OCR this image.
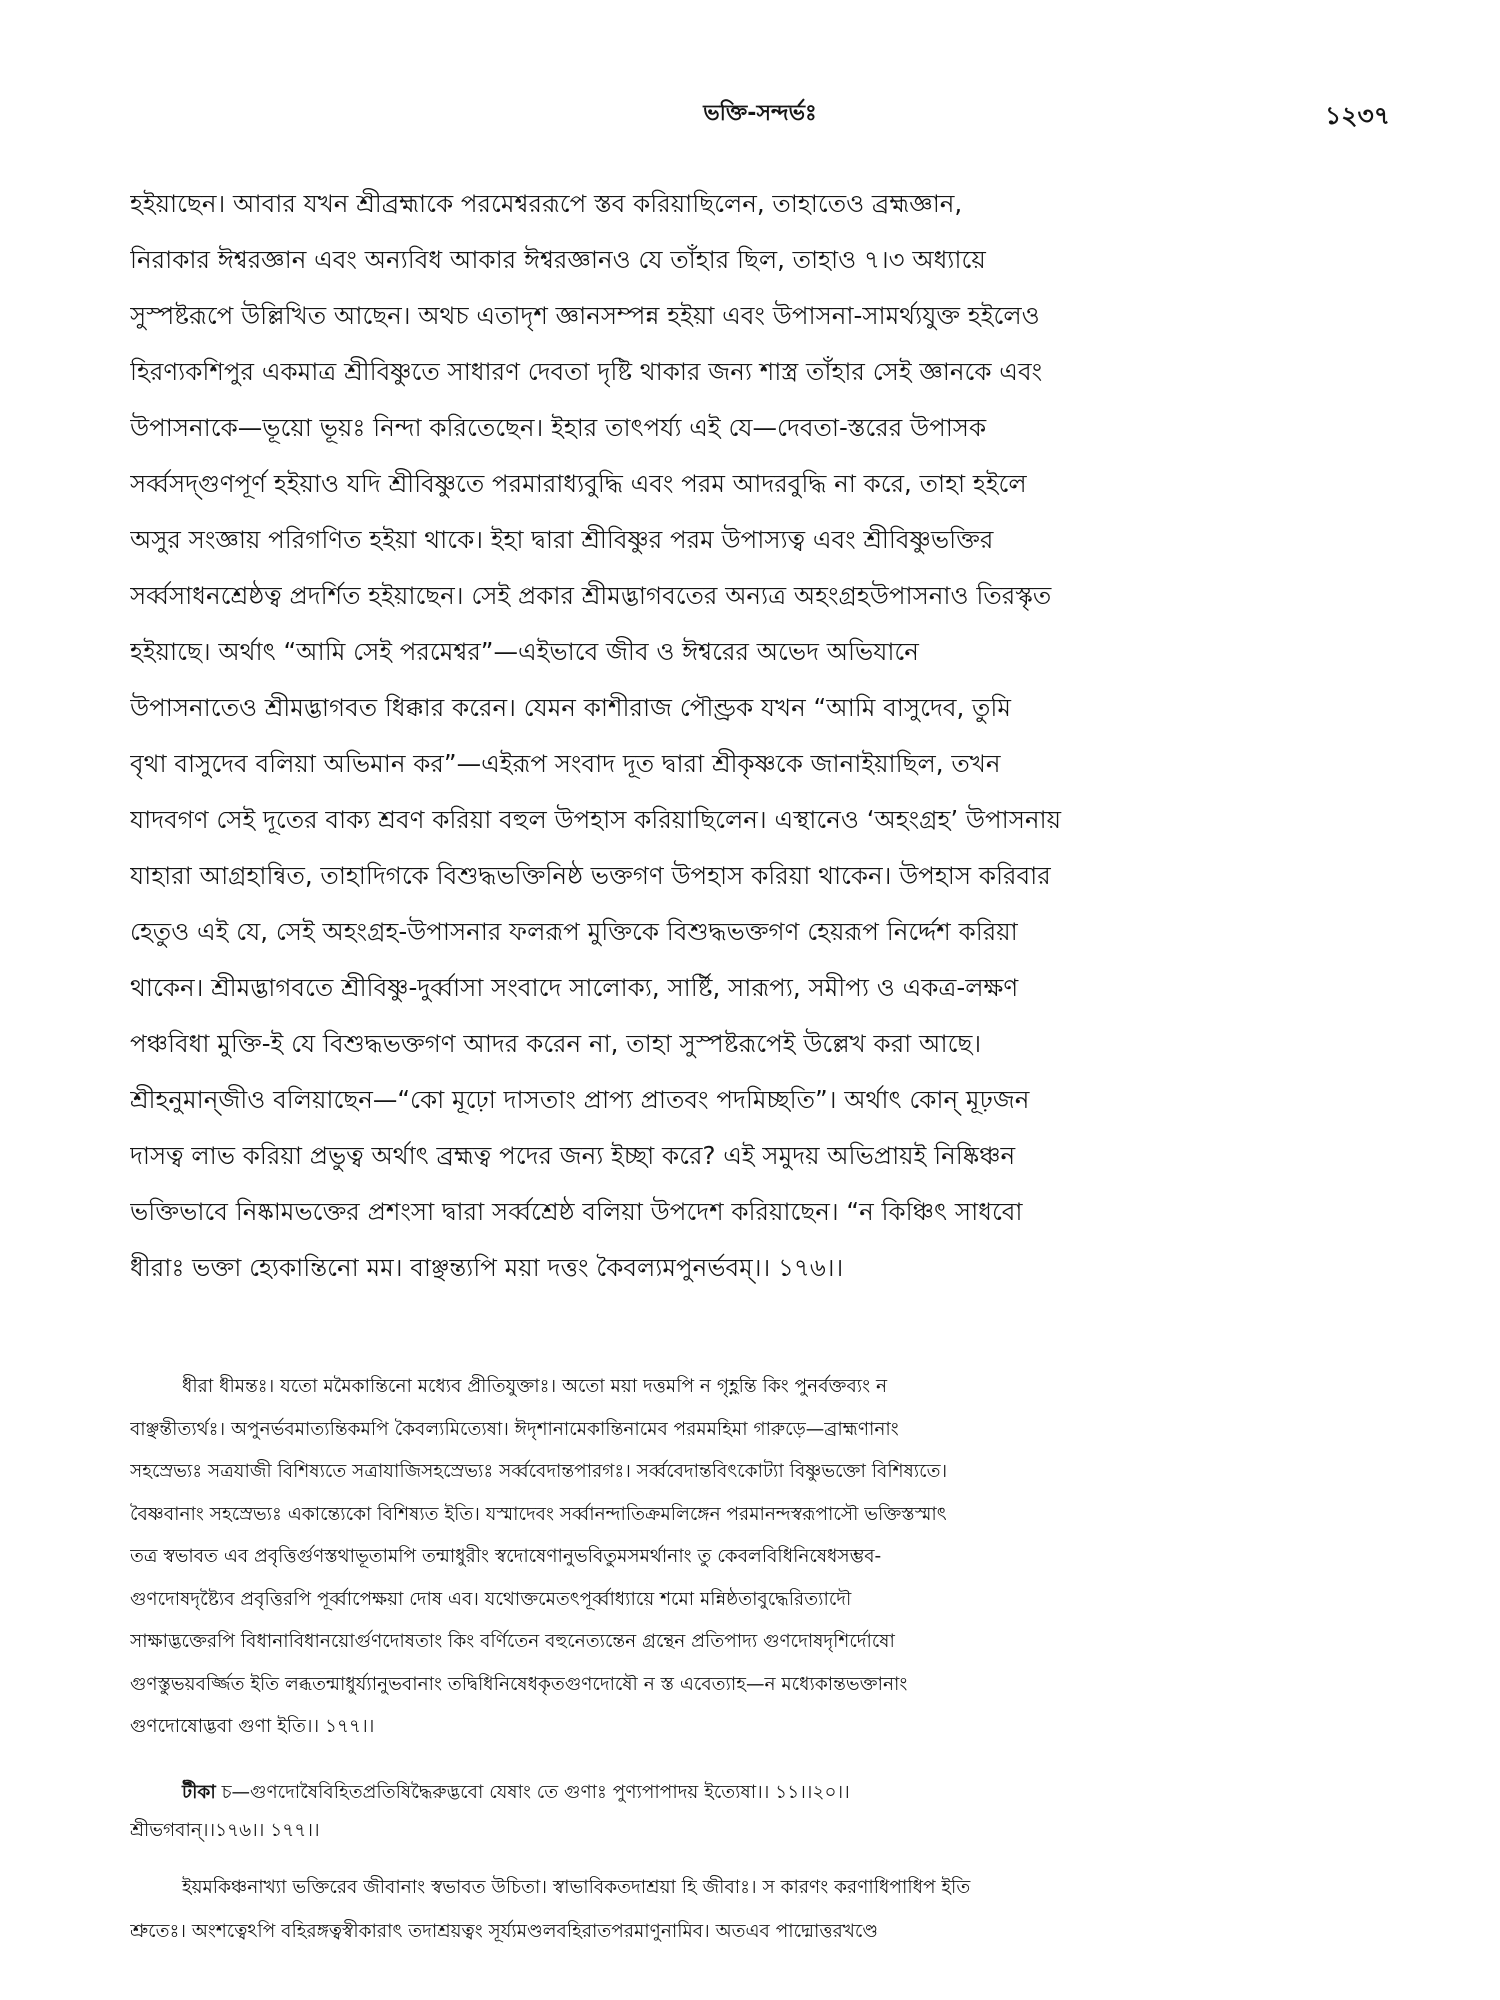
ভক্তি-সন্দর্ভঃ	১২৩৭
হইয়াছেন। আবার যখন শ্রীব্রহ্মাকে পরমেশ্বররূপে স্তব করিয়াছিলেন, তাহাতেও ব্রহ্মজ্ঞান,
নিরাকার ঈশ্বরজ্ঞান এবং অন্যবিধ আকার ঈশ্বরজ্ঞানও যে তাঁহার ছিল, তাহাও ৭।৩ অধ্যায়ে
সুস্পষ্টরূপে উল্লিখিত আছেন। অথচ এতাদৃশ জ্ঞানসম্পন্ন হইয়া এবং উপাসনা-সামর্থ্যযুক্ত হইলেও
হিরণ্যকশিপুর একমাত্র শ্রীবিষ্ণুতে সাধারণ দেবতা দৃষ্টি থাকার জন্য শাস্ত্র তাঁহার সেই জ্ঞানকে এবং
উপাসনাকে—ভূয়ো ভূয়ঃ নিন্দা করিতেছেন। ইহার তাৎপর্য্য এই যে—দেবতা-স্তরের উপাসক
সর্ব্বসদ্‌গুণপূর্ণ হইয়াও যদি শ্রীবিষ্ণুতে পরমারাধ্যবুদ্ধি এবং পরম আদরবুদ্ধি না করে, তাহা হইলে
অসুর সংজ্ঞায় পরিগণিত হইয়া থাকে। ইহা দ্বারা শ্রীবিষ্ণুর পরম উপাস্যত্ব এবং শ্রীবিষ্ণুভক্তির
সর্ব্বসাধনশ্রেষ্ঠত্ব প্রদর্শিত হইয়াছেন। সেই প্রকার শ্রীমদ্ভাগবতের অন্যত্র অহংগ্রহউপাসনাও তিরস্কৃত
হইয়াছে। অর্থাৎ “আমি সেই পরমেশ্বর”—এইভাবে জীব ও ঈশ্বরের অভেদ অভিযানে
উপাসনাতেও শ্রীমদ্ভাগবত ধিক্কার করেন। যেমন কাশীরাজ পৌণ্ড্রক যখন “আমি বাসুদেব, তুমি
বৃথা বাসুদেব বলিয়া অভিমান কর”—এইরূপ সংবাদ দূত দ্বারা শ্রীকৃষ্ণকে জানাইয়াছিল, তখন
যাদবগণ সেই দূতের বাক্য শ্রবণ করিয়া বহুল উপহাস করিয়াছিলেন। এস্থানেও ‘অহংগ্রহ’ উপাসনায়
যাহারা আগ্রহান্বিত, তাহাদিগকে বিশুদ্ধভক্তিনিষ্ঠ ভক্তগণ উপহাস করিয়া থাকেন। উপহাস করিবার
হেতুও এই যে, সেই অহংগ্রহ-উপাসনার ফলরূপ মুক্তিকে বিশুদ্ধভক্তগণ হেয়রূপ নির্দ্দেশ করিয়া
থাকেন। শ্রীমদ্ভাগবতে শ্রীবিষ্ণু-দুর্ব্বাসা সংবাদে সালোক্য, সার্ষ্টি, সারূপ্য, সমীপ্য ও একত্র-লক্ষণ
পঞ্চবিধা মুক্তি-ই যে বিশুদ্ধভক্তগণ আদর করেন না, তাহা সুস্পষ্টরূপেই উল্লেখ করা আছে।
শ্রীহনুমান্‌জীও বলিয়াছেন—“কো মূঢ়ো দাসতাং প্রাপ্য প্রাতবং পদমিচ্ছতি”। অর্থাৎ কোন্ মূঢ়জন
দাসত্ব লাভ করিয়া প্রভুত্ব অর্থাৎ ব্রহ্মত্ব পদের জন্য ইচ্ছা করে? এই সমুদয় অভিপ্রায়ই নিষ্কিঞ্চন
ভক্তিভাবে নিষ্কামভক্তের প্রশংসা দ্বারা সর্ব্বশ্রেষ্ঠ বলিয়া উপদেশ করিয়াছেন। “ন কিঞ্চিৎ সাধবো
ধীরাঃ ভক্তা হ্যেকান্তিনো মম। বাঞ্ছন্ত্যপি ময়া দত্তং কৈবল্যমপুনর্ভবম্।। ১৭৬।।
ধীরা ধীমন্তঃ। যতো মমৈকান্তিনো মধ্যেব প্রীতিযুক্তাঃ। অতো ময়া দত্তমপি ন গৃহ্ণন্তি কিং পুনর্বক্তব্যং ন
বাঞ্ছন্তীত্যর্থঃ। অপুনর্ভবমাত্যন্তিকমপি কৈবল্যমিত্যেষা। ঈদৃশানামেকান্তিনামেব পরমমহিমা গারুড়ে—ব্রাহ্মণানাং
সহস্রেভ্যঃ সত্রযাজী বিশিষ্যতে সত্রাযাজিসহস্রেভ্যঃ সর্ব্ববেদান্তপারগঃ। সর্ব্ববেদান্তবিৎকোট্যা বিষ্ণুভক্তো বিশিষ্যতে।
বৈষ্ণবানাং সহস্রেভ্যঃ একান্ত্যেকো বিশিষ্যত ইতি। যস্মাদেবং সর্ব্বানন্দাতিক্রমলিঙ্গেন পরমানন্দস্বরূপাসৌ ভক্তিস্তস্মাৎ
তত্র স্বভাবত এব প্রবৃত্তির্গুণস্তথাভূতামপি তন্মাধুরীং স্বদোষেণানুভবিতুমসমর্থানাং তু কেবলবিধিনিষেধসম্ভব-
গুণদোষদৃষ্ট্যৈব প্রবৃত্তিরপি পূর্ব্বাপেক্ষয়া দোষ এব। যথোক্তমেতৎপূর্ব্বাধ্যায়ে শমো মন্নিষ্ঠতাবুদ্ধেরিত্যাদৌ
সাক্ষাদ্ভক্তেরপি বিধানাবিধানয়োর্গুণদোষতাং কিং বর্ণিতেন বহুনেত্যন্তেন গ্রন্থেন প্রতিপাদ্য গুণদোষদৃশির্দোষো
গুণস্তুভয়বর্জ্জিত ইতি লব্ধতন্মাধুর্য্যানুভবানাং তদ্বিধিনিষেধকৃতগুণদোষৌ ন স্ত এবেত্যাহ—ন মধ্যেকান্তভক্তানাং
গুণদোষোদ্ভবা গুণা ইতি।। ১৭৭।।
টীকা চ—গুণদোষৈবিহিতপ্রতিষিদ্ধৈরুদ্ভবো যেষাং তে গুণাঃ পুণ্যপাপাদয় ইত্যেষা।। ১১।।২০।।
শ্রীভগবান্।।১৭৬।। ১৭৭।।
ইয়মকিঞ্চনাখ্যা ভক্তিরেব জীবানাং স্বভাবত উচিতা। স্বাভাবিকতদাশ্রয়া হি জীবাঃ। স কারণং করণাধিপাধিপ ইতি
শ্রুতেঃ। অংশত্বেঽপি বহিরঙ্গত্বস্বীকারাৎ তদাশ্রয়ত্বং সূর্য্যমণ্ডলবহিরাতপরমাণুনামিব। অতএব পাদ্মোত্তরখণ্ডে
